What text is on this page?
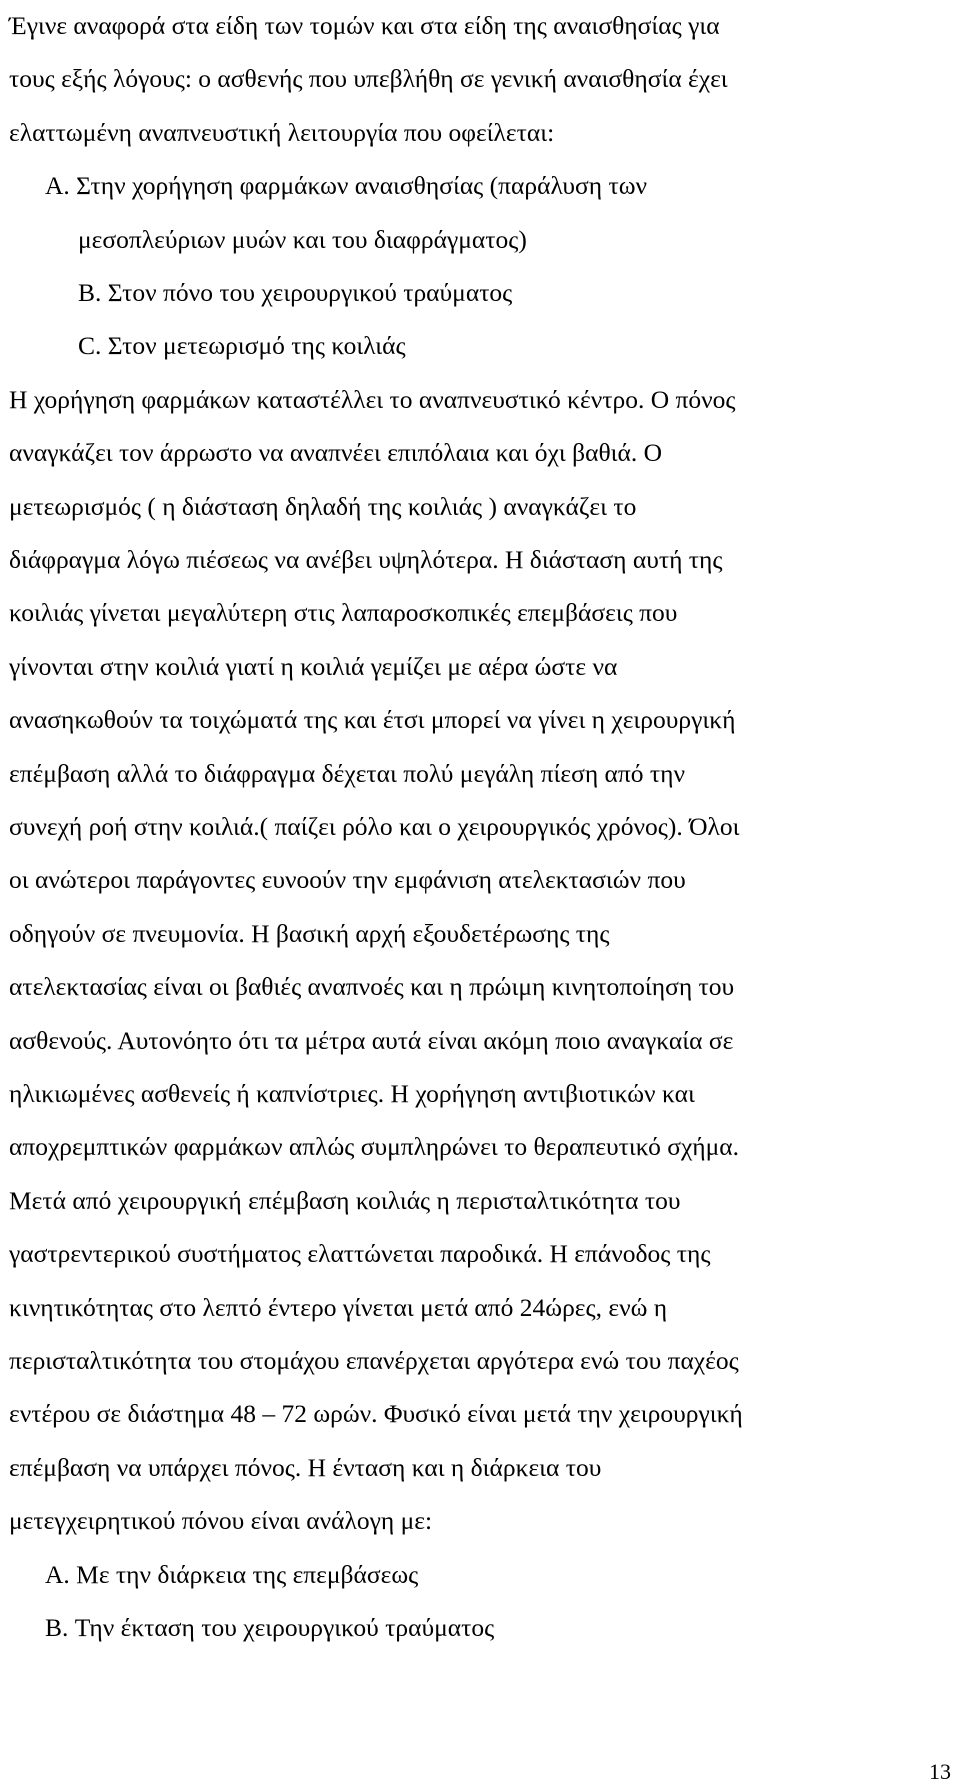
Έγινε αναφορά στα είδη των τομών και στα είδη της αναισθησίας για
τους εξής λόγους: ο ασθενής που υπεβλήθη σε γενική αναισθησία έχει
ελαττωμένη αναπνευστική λειτουργία που οφείλεται:
A. Στην χορήγηση φαρμάκων αναισθησίας (παράλυση των
μεσοπλεύριων μυών και του διαφράγματος)
B. Στον πόνο του χειρουργικού τραύματος
C. Στον μετεωρισμό της κοιλιάς
Η χορήγηση φαρμάκων καταστέλλει το αναπνευστικό κέντρο. Ο πόνος
αναγκάζει τον άρρωστο να αναπνέει επιπόλαια και όχι βαθιά. Ο
μετεωρισμός ( η διάσταση δηλαδή της κοιλιάς ) αναγκάζει το
διάφραγμα λόγω πιέσεως να ανέβει υψηλότερα. Η διάσταση αυτή της
κοιλιάς γίνεται μεγαλύτερη στις λαπαροσκοπικές επεμβάσεις που
γίνονται στην κοιλιά γιατί η κοιλιά γεμίζει με αέρα ώστε να
ανασηκωθούν τα τοιχώματά της και έτσι μπορεί να γίνει η χειρουργική
επέμβαση αλλά το διάφραγμα δέχεται πολύ μεγάλη πίεση από την
συνεχή ροή στην κοιλιά.( παίζει ρόλο και ο χειρουργικός χρόνος). Όλοι
οι ανώτεροι παράγοντες ευνοούν την εμφάνιση ατελεκτασιών που
οδηγούν σε πνευμονία. Η βασική αρχή εξουδετέρωσης της
ατελεκτασίας είναι οι βαθιές αναπνοές και η πρώιμη κινητοποίηση του
ασθενούς. Αυτονόητο ότι τα μέτρα αυτά είναι ακόμη ποιο αναγκαία σε
ηλικιωμένες ασθενείς ή καπνίστριες. Η χορήγηση αντιβιοτικών και
αποχρεμπτικών φαρμάκων απλώς συμπληρώνει το θεραπευτικό σχήμα.
Μετά από χειρουργική επέμβαση κοιλιάς η περισταλτικότητα του
γαστρεντερικού συστήματος ελαττώνεται παροδικά. Η επάνοδος της
κινητικότητας στο λεπτό έντερο γίνεται μετά από 24ώρες, ενώ η
περισταλτικότητα του στομάχου επανέρχεται αργότερα ενώ του παχέος
εντέρου σε διάστημα 48 – 72 ωρών. Φυσικό είναι μετά την χειρουργική
επέμβαση να υπάρχει πόνος. Η ένταση και η διάρκεια του
μετεγχειρητικού πόνου είναι ανάλογη με:
A. Με την διάρκεια της επεμβάσεως
B. Την έκταση του χειρουργικού τραύματος
13
